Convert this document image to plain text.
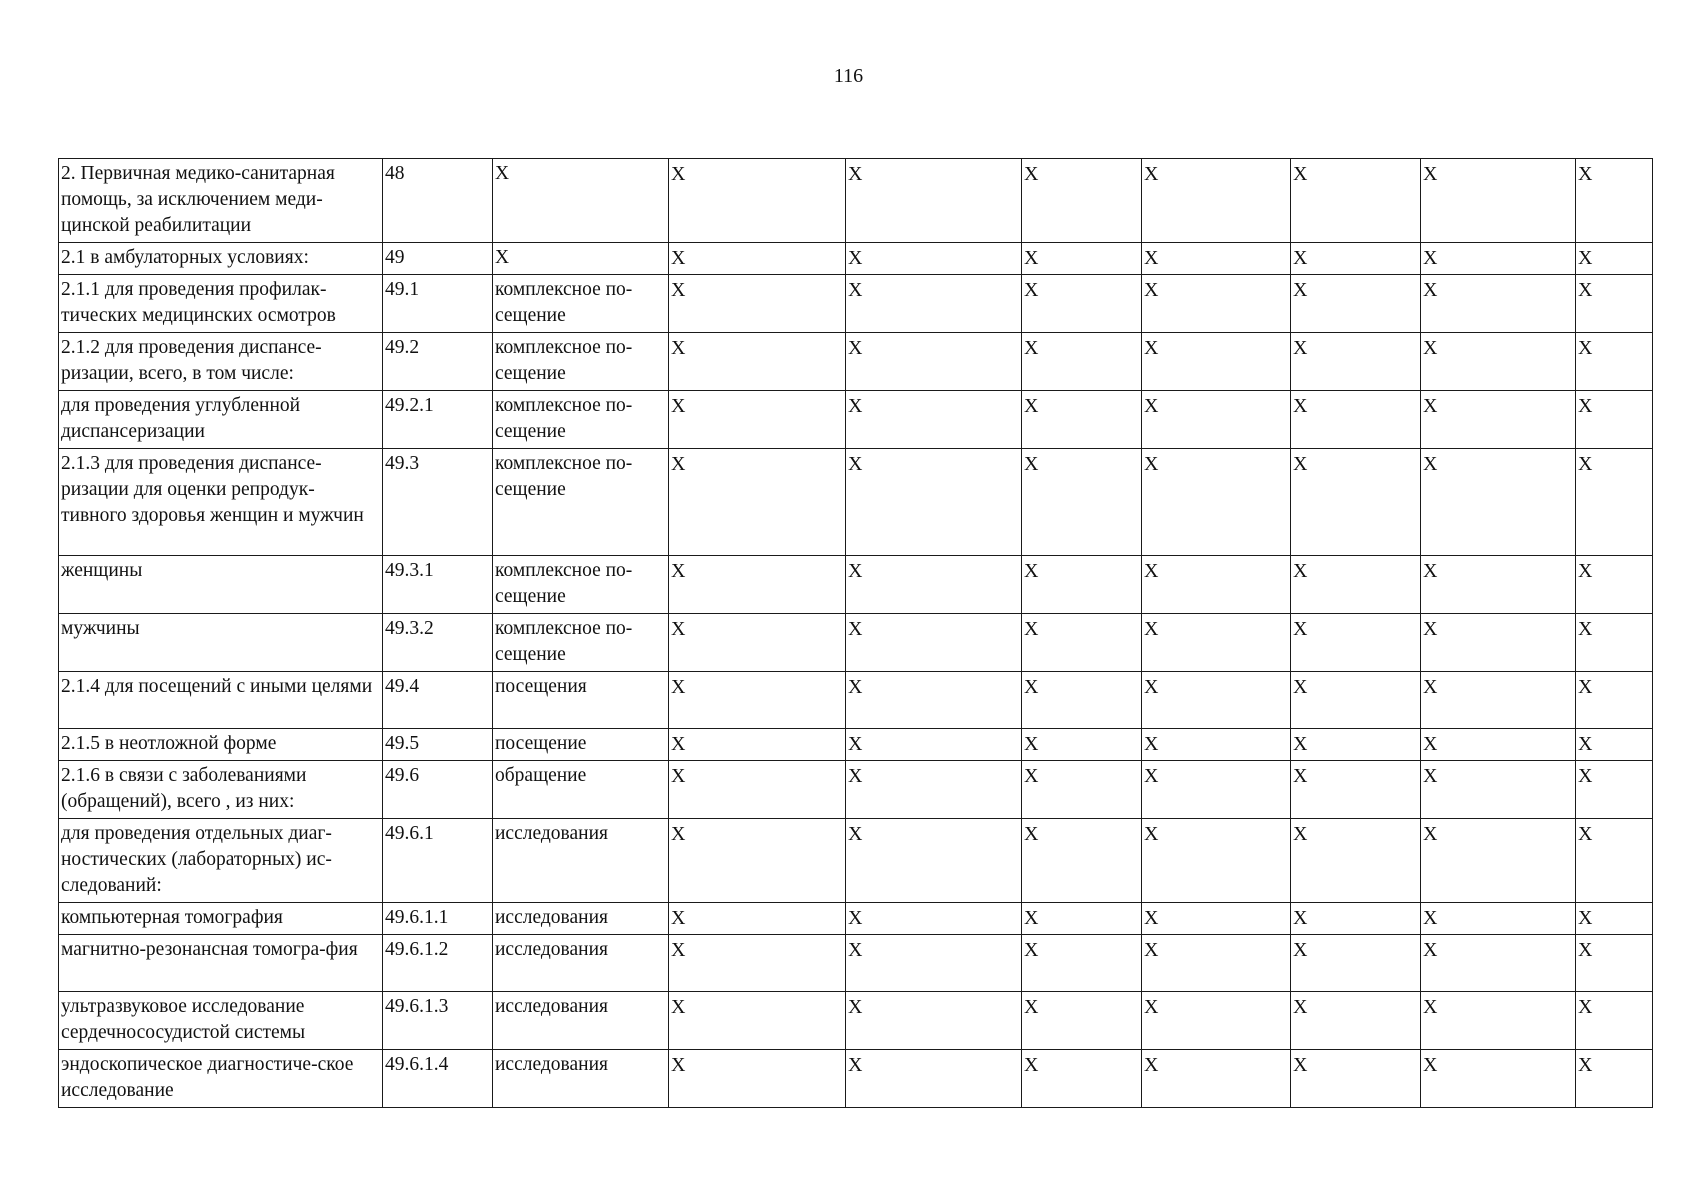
116
2. Первичная медико-санитарная помощь, за исключением меди-цинской реабилитации	48	X	X	X	X	X	X	X	X

2.1 в амбулаторных условиях:	49	X	X	X	X	X	X	X	X

2.1.1 для проведения профилак-тических медицинских осмотров	49.1	комплексное по-сещение	X	X	X	X	X	X	X

2.1.2 для проведения диспансе-ризации, всего, в том числе:	49.2	комплексное по-сещение	X	X	X	X	X	X	X

для проведения углубленной диспансеризации	49.2.1	комплексное по-сещение	X	X	X	X	X	X	X

2.1.3 для проведения диспансе-ризации для оценки репродук-тивного здоровья женщин и мужчин	49.3	комплексное по-сещение	X	X	X	X	X	X	X

женщины	49.3.1	комплексное по-сещение	X	X	X	X	X	X	X

мужчины	49.3.2	комплексное по-сещение	X	X	X	X	X	X	X

2.1.4 для посещений с иными целями	49.4	посещения	X	X	X	X	X	X	X

2.1.5 в неотложной форме	49.5	посещение	X	X	X	X	X	X	X

2.1.6 в связи с заболеваниями (обращений), всего , из них:	49.6	обращение	X	X	X	X	X	X	X

для проведения отдельных диаг-ностических (лабораторных) ис-следований:	49.6.1	исследования	X	X	X	X	X	X	X

компьютерная томография	49.6.1.1	исследования	X	X	X	X	X	X	X

магнитно-резонансная томогра-фия	49.6.1.2	исследования	X	X	X	X	X	X	X

ультразвуковое исследование сердечнососудистой системы	49.6.1.3	исследования	X	X	X	X	X	X	X

эндоскопическое диагностиче-ское исследование	49.6.1.4	исследования	X	X	X	X	X	X	X
